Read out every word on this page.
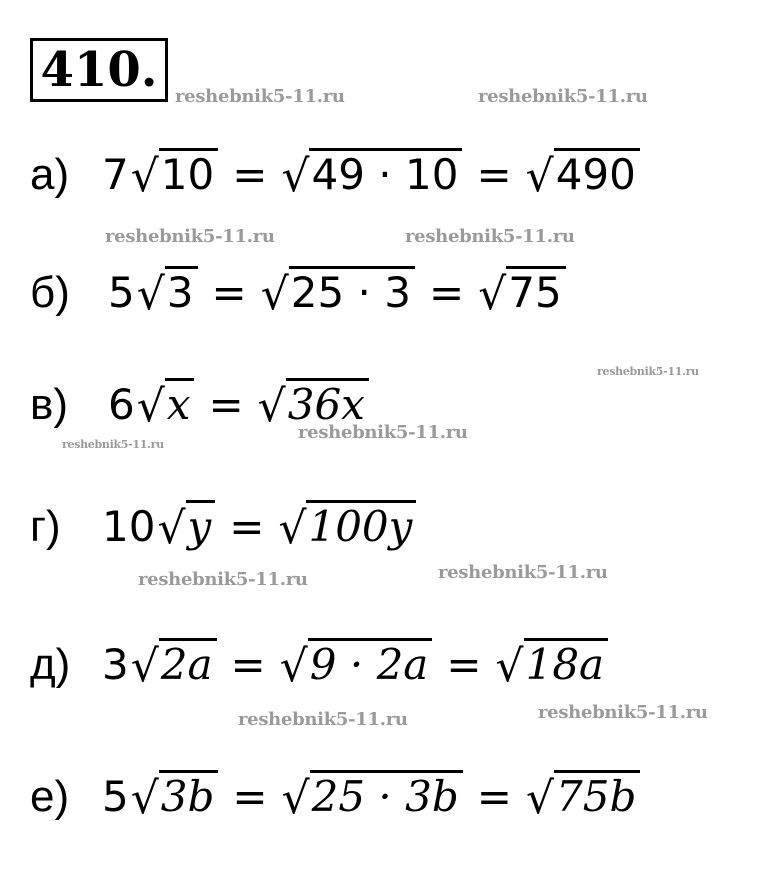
410. reshebnik5-11.ru	reshebnik5-11.ru
reshebnik5-11.ru	reshebnik5-11.ru
reshebnik5-11.ru
reshebnik5-11.ru
reshebnik5-11.ru
reshebnik5-11.ru	reshebnik5-11.ru
reshebnik5-11.ru	reshebnik5-11.ru
а) 7 √ 10 = √ 49 · 10 = √ 490
б) 5 √ 3 = √ 25 · 3 = √ 75
в) 6 √ x = √ 36x
г) 10 √ y = √ 100y
д) 3 √ 2a = √ 9 · 2a = √ 18a
е) 5 √ 3b = √ 25 · 3b = √ 75b
